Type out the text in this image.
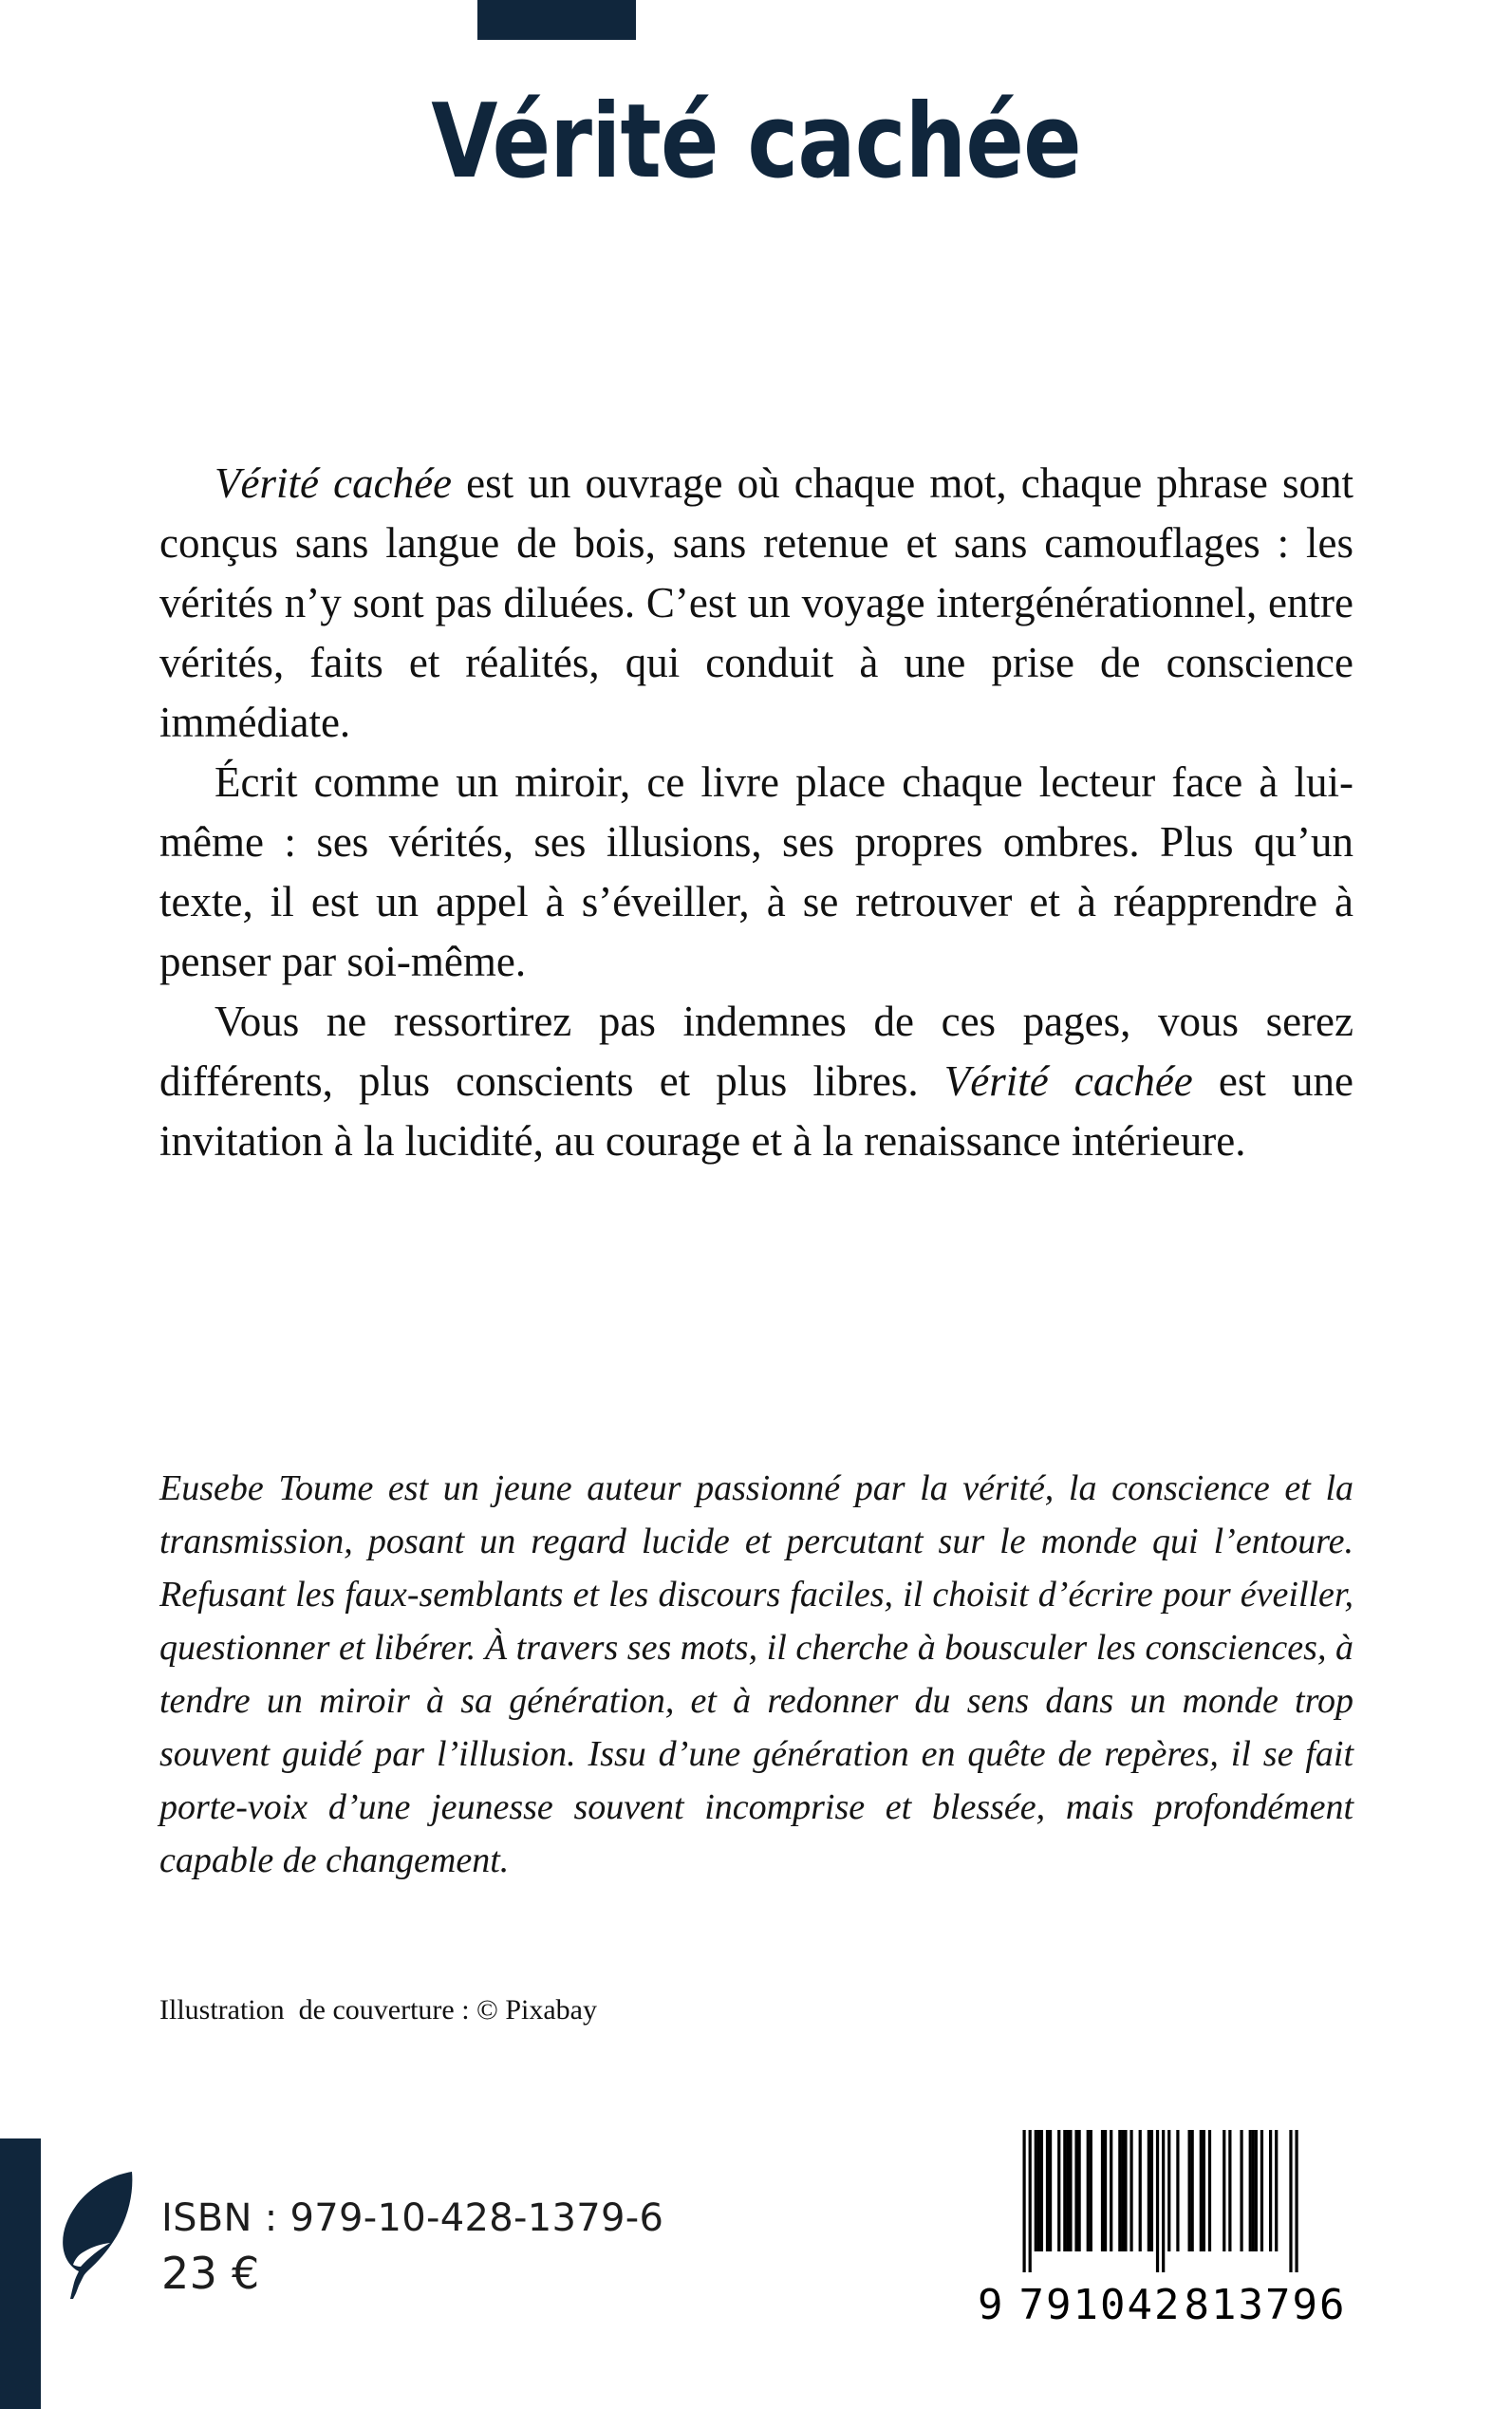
Vérité cachée

Vérité cachée est un ouvrage où chaque mot, chaque phrase sont conçus sans langue de bois, sans retenue et sans camouflages : les vérités n’y sont pas diluées. C’est un voyage intergénérationnel, entre vérités, faits et réalités, qui conduit à une prise de conscience immédiate.

Écrit comme un miroir, ce livre place chaque lecteur face à lui-même : ses vérités, ses illusions, ses propres ombres. Plus qu’un texte, il est un appel à s’éveiller, à se retrouver et à réapprendre à penser par soi-même.

Vous ne ressortirez pas indemnes de ces pages, vous serez différents, plus conscients et plus libres. Vérité cachée est une invitation à la lucidité, au courage et à la renaissance intérieure.

Eusebe Toume est un jeune auteur passionné par la vérité, la conscience et la transmission, posant un regard lucide et percutant sur le monde qui l’entoure. Refusant les faux-semblants et les discours faciles, il choisit d’écrire pour éveiller, questionner et libérer. À travers ses mots, il cherche à bousculer les consciences, à tendre un miroir à sa génération, et à redonner du sens dans un monde trop souvent guidé par l’illusion. Issu d’une génération en quête de repères, il se fait porte-voix d’une jeunesse souvent incomprise et blessée, mais profondément capable de changement.

Illustration  de couverture : © Pixabay
ISBN : 979-10-428-1379-6
23 €
9 791042 813796
